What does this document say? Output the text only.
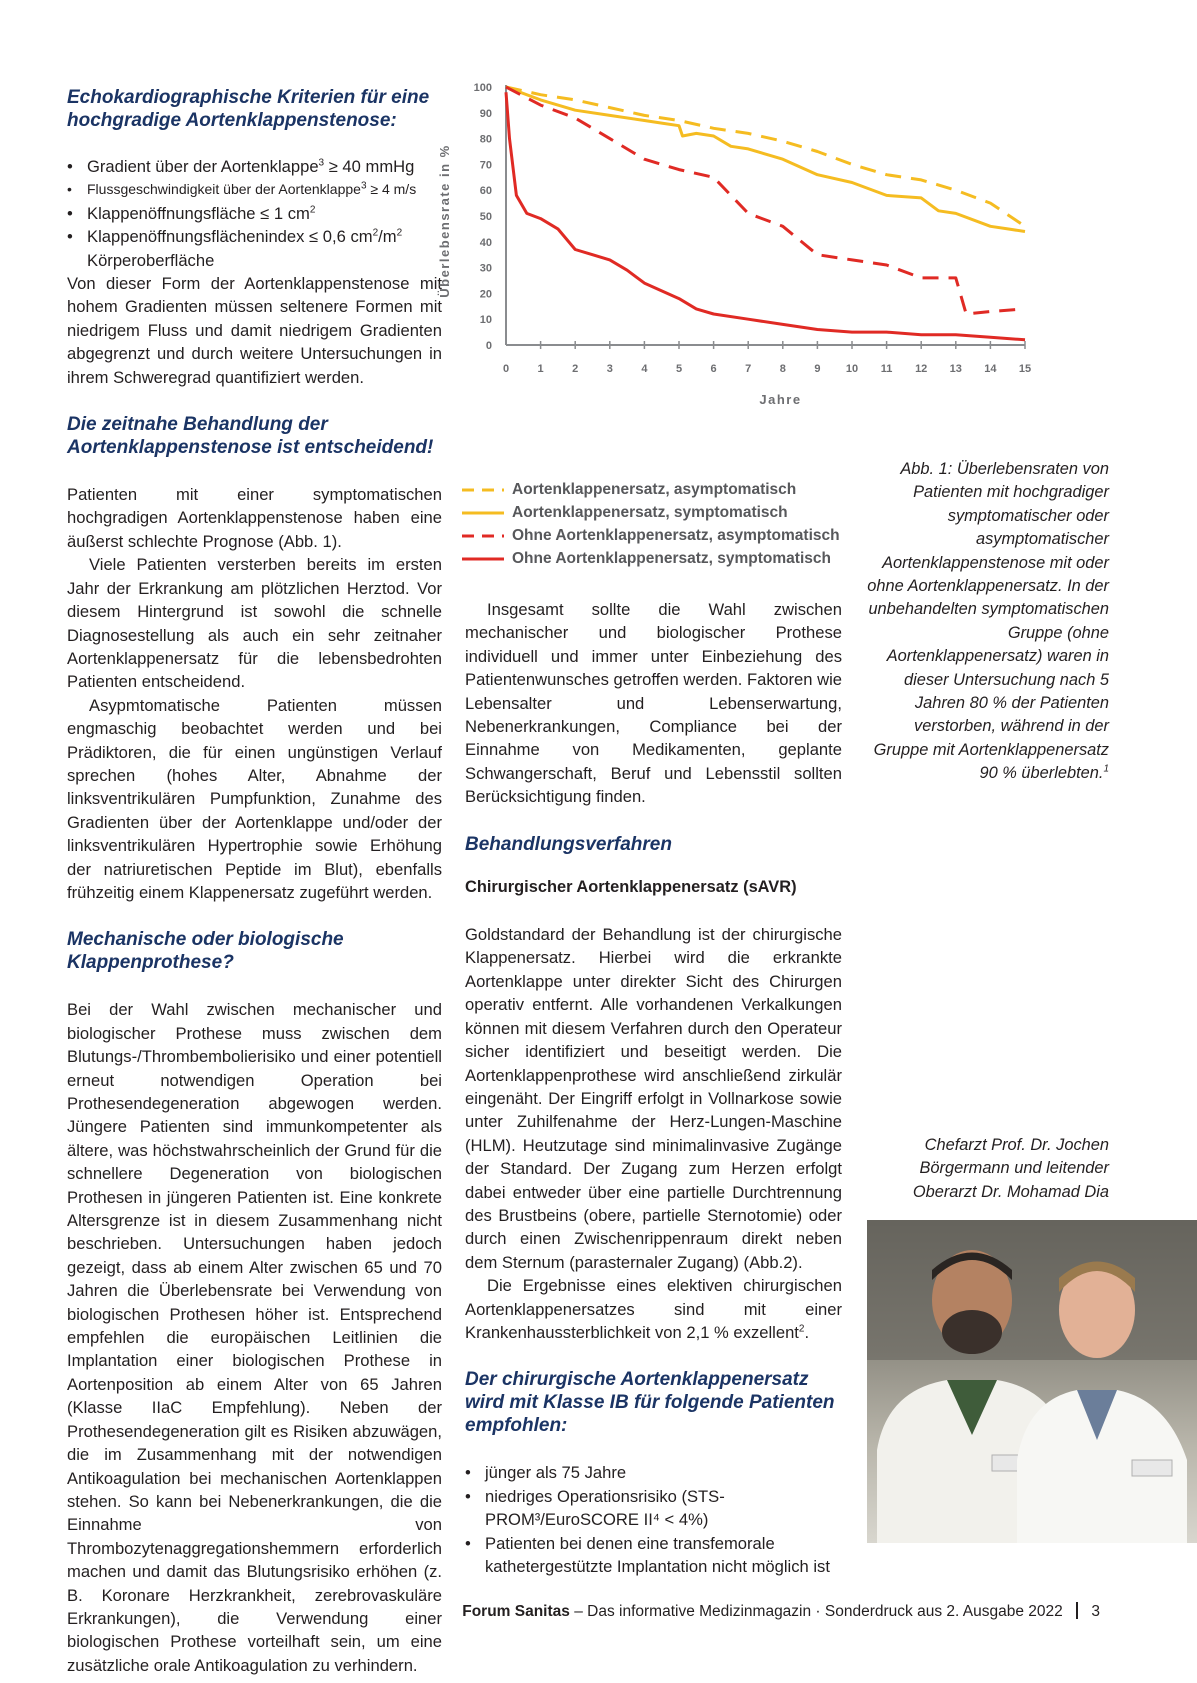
Echokardiographische Kriterien für eine
hochgradige Aortenklappenstenose:
• Gradient über der Aortenklappe$^3$ ≥ 40 mmHg
• Flussgeschwindigkeit über der Aortenklappe$^3$ ≥ 4 m/s
• Klappenöffnungsfläche ≤ 1 $cm^2$
• Klappenöffnungsflächenindex ≤ 0,6 $cm^2/m^2$
Körperoberfläche

Von dieser Form der Aortenklappenstenose mit hohem Gradienten müssen seltenere Formen mit niedrigem Fluss und damit niedrigem Gradienten abgegrenzt und durch weitere Untersuchungen in ihrem Schweregrad quantifiziert werden.

Die zeitnahe Behandlung der
Aortenklappenstenose ist entscheidend!

Patienten mit einer symptomatischen hochgradigen Aortenklappenstenose haben eine äußerst schlechte Prognose (Abb. 1).

Viele Patienten versterben bereits im ersten Jahr der Erkrankung am plötzlichen Herztod. Vor diesem Hintergrund ist sowohl die schnelle Diagnosestellung als auch ein sehr zeitnaher Aortenklappenersatz für die lebensbedrohten Patienten entscheidend.

Asypmtomatische Patienten müssen engmaschig beobachtet werden und bei Prädiktoren, die für einen ungünstigen Verlauf sprechen (hohes Alter, Abnahme der linksventrikulären Pumpfunktion, Zunahme des Gradienten über der Aortenklappe und/oder der linksventrikulären Hypertrophie sowie Erhöhung der natriuretischen Peptide im Blut), ebenfalls frühzeitig einem Klappenersatz zugeführt werden.

Mechanische oder biologische
Klappenprothese?

Bei der Wahl zwischen mechanischer und biologischer Prothese muss zwischen dem Blutungs-/Thrombembolierisiko und einer potentiell erneut notwendigen Operation bei Prothesendegeneration abgewogen werden. Jüngere Patienten sind immunkompetenter als ältere, was höchstwahrscheinlich der Grund für die schnellere Degeneration von biologischen Prothesen in jüngeren Patienten ist. Eine konkrete Altersgrenze ist in diesem Zusammenhang nicht beschrieben. Untersuchungen haben jedoch gezeigt, dass ab einem Alter zwischen 65 und 70 Jahren die Überlebensrate bei Verwendung von biologischen Prothesen höher ist. Entsprechend empfehlen die europäischen Leitlinien die Implantation einer biologischen Prothese in Aortenposition ab einem Alter von 65 Jahren (Klasse IIaC Empfehlung). Neben der Prothesendegeneration gilt es Risiken abzuwägen, die im Zusammenhang mit der notwendigen Antikoagulation bei mechanischen Aortenklappen stehen. So kann bei Nebenerkrankungen, die die Einnahme von Thrombozytenaggregationshemmern erforderlich machen und damit das Blutungsrisiko erhöhen (z. B. Koronare Herzkrankheit, zerebrovaskuläre Erkrankungen), die Verwendung einer biologischen Prothese vorteilhaft sein, um eine zusätzliche orale Antikoagulation zu verhindern.

0
10
20
30
40
50
60
70
80
90
100
0	1	2	3	4	5	6	7	8	9 10 11 12 13 14 15
Jahre
Überlebensrate in %
Aortenklappenersatz, asymptomatisch
Aortenklappenersatz, symptomatisch
Ohne Aortenklappenersatz, asymptomatisch
Ohne Aortenklappenersatz, symptomatisch
Abb. 1: Überlebensraten von Patienten mit hochgradiger symptomatischer oder asymptomatischer Aortenklappenstenose mit oder ohne Aortenklappenersatz. In der unbehandelten symptomatischen Gruppe (ohne Aortenklappenersatz) waren in dieser Untersuchung nach 5 Jahren 80 % der Patienten verstorben, während in der Gruppe mit Aortenklappenersatz 90 % überlebten.$^1$

Insgesamt sollte die Wahl zwischen mechanischer und biologischer Prothese individuell und immer unter Einbeziehung des Patientenwunsches getroffen werden. Faktoren wie Lebensalter und Lebenserwartung, Nebenerkrankungen, Compliance bei der Einnahme von Medikamenten, geplante Schwangerschaft, Beruf und Lebensstil sollten Berücksichtigung finden.

Behandlungsverfahren
Chirurgischer Aortenklappenersatz (sAVR)

Goldstandard der Behandlung ist der chirurgische Klappenersatz. Hierbei wird die erkrankte Aortenklappe unter direkter Sicht des Chirurgen operativ entfernt. Alle vorhandenen Verkalkungen können mit diesem Verfahren durch den Operateur sicher identifiziert und beseitigt werden. Die Aortenklappenprothese wird anschließend zirkulär eingenäht. Der Eingriff erfolgt in Vollnarkose sowie unter Zuhilfenahme der Herz-Lungen-Maschine (HLM). Heutzutage sind minimalinvasive Zugänge der Standard. Der Zugang zum Herzen erfolgt dabei entweder über eine partielle Durchtrennung des Brustbeins (obere, partielle Sternotomie) oder durch einen Zwischenrippenraum direkt neben dem Sternum (parasternaler Zugang) (Abb.2).

Die Ergebnisse eines elektiven chirurgischen Aortenklappenersatzes sind mit einer Krankenhaussterblichkeit von 2,1 % exzellent$^2$.

Der chirurgische Aortenklappenersatz
wird mit Klasse IB für folgende Patienten
empfohlen:
• jünger als 75 Jahre
• niedriges Operationsrisiko (STS-PROM³/EuroSCORE II⁴ < 4%)
• Patienten bei denen eine transfemorale kathetergestützte Implantation nicht möglich ist
Chefarzt Prof. Dr. Jochen
Börgermann und leitender
Oberarzt Dr. Mohamad Dia
Forum Sanitas – Das informative Medizinmagazin · Sonderdruck aus 2. Ausgabe 2022 3
